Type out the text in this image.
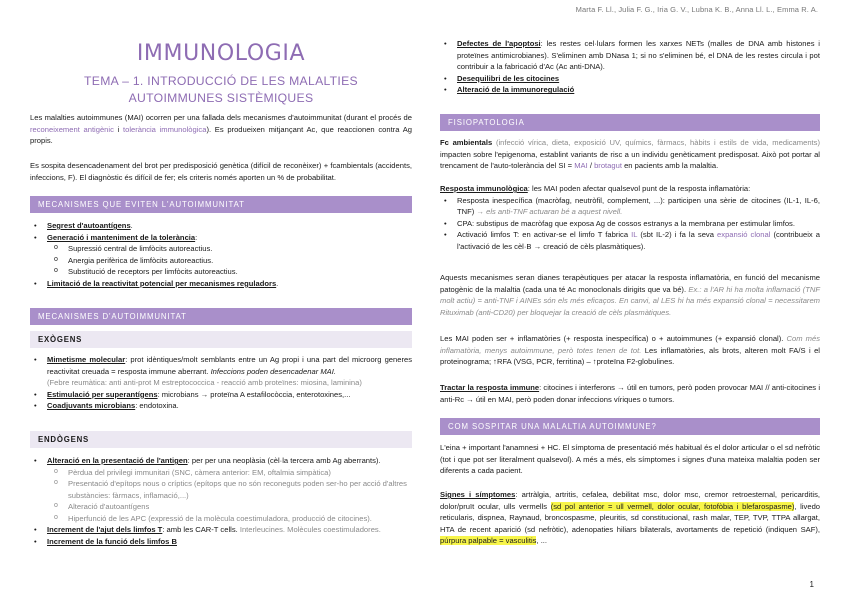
Marta F. Ll., Julia F. G., Iria G. V., Lubna K. B., Anna Ll. L., Emma R. A.
IMMUNOLOGIA
TEMA – 1. INTRODUCCIÓ DE LES MALALTIES
AUTOIMMUNES SISTÈMIQUES

Les malalties autoimmunes (MAI) ocorren per una fallada dels mecanismes d'autoimmunitat (durant el procés de reconeixement antigènic i tolerància immunològica). Es produeixen mitjançant Ac, que reaccionen contra Ag propis.

Es sospita desencadenament del brot per predisposició genètica (difícil de reconèixer) + fcambientals (accidents, infeccions, F). El diagnòstic és difícil de fer; els criteris només aporten un % de probabilitat.

MECANISMES QUE EVITEN L'AUTOIMMUNITAT
• Segrest d'autoantígens.
• Generació i manteniment de la tolerància:
o Supressió central de limfòcits autoreactius.
o Anergia perifèrica de limfòcits autoreactius.
o Substitució de receptors per limfòcits autoreactius.
• Limitació de la reactivitat potencial per mecanismes reguladors.
MECANISMES D'AUTOIMMUNITAT
EXÒGENS

• Mimetisme molecular: prot idèntiques/molt semblants entre un Ag propi i una part del microorg generes reactivitat creuada = resposta immune aberrant. Infeccions poden desencadenar MAI.

(Febre reumàtica: anti anti-prot M estreptococcica - reacció amb proteïnes: miosina, laminina)

• Estimulació per superantígens: microbians → proteïna A estafilocòccia, enterotoxines,...
• Coadjuvants microbians: endotoxina.
ENDÒGENS
• Alteració en la presentació de l'antigen: per per una neoplàsia (cèl·la tercera amb Ag aberrants).
o Pèrdua del privilegi immunitari (SNC, càmera anterior: EM, oftalmia simpàtica)
o Presentació d'epítops nous o críptics (epítops que no són reconeguts poden ser-ho per acció d'altres substàncies: fàrmacs, inflamació,...)
o Alteració d'autoantígens
o Hiperfunció de les APC (expressió de la molècula coestimuladora, producció de citocines).
• Increment de l'ajut dels limfos T: amb les CAR-T cells. Interleucines. Molècules coestimuladores.
• Increment de la funció dels limfos B

• Defectes de l'apoptosi: les restes cel·lulars formen les xarxes NETs (malles de DNA amb histones i proteïnes antimicrobianes). S'eliminen amb DNasa 1; si no s'eliminen bé, el DNA de les restes circula i pot contribuir a la fabricació d'Ac (Ac anti-DNA).

• Desequilibri de les citocines
• Alteració de la immunoregulació
FISIOPATOLOGIA

Fc ambientals (infecció vírica, dieta, exposició UV, químics, fàrmacs, hàbits i estils de vida, medicaments) impacten sobre l'epigenoma, establint variants de risc a un individu genèticament predisposat. Això pot portar al trencament de l'auto-tolerància del SI = MAI / brotagut en pacients amb la malaltia.

Resposta immunològica: les MAI poden afectar qualsevol punt de la resposta inflamatòria:

• Resposta inespecífica (macròfag, neutròfil, complement, ...): participen una sèrie de citocines (IL-1, IL-6, TNF) → els anti-TNF actuaran bé a aquest nivell.

• CPA: substipus de macròfag que exposa Ag de cossos estranys a la membrana per estimular limfos.

• Activació limfos T: en activar-se el limfo T fabrica IL (sbt IL-2) i fa la seva expansió clonal (contribueix a l'activació de les cèl·B → creació de cèls plasmàtiques).

Aquests mecanismes seran dianes terapèutiques per atacar la resposta inflamatòria, en funció del mecanisme patogènic de la malaltia (cada una té Ac monoclonals dirigits que va bé). Ex.: a l'AR hi ha molta inflamació (TNF molt actiu) = anti-TNF i AINEs són els més eficaços. En canvi, al LES hi ha més expansió clonal = necessitarem Rituximab (anti-CD20) per bloquejar la creació de cèls plasmàtiques.

Les MAI poden ser + inflamatòries (+ resposta inespecífica) o + autoimmunes (+ expansió clonal). Com més inflamatòria, menys autoimmune, però totes tenen de tot. Les inflamatòries, als brots, alteren molt FA/S i el proteinograma; ↑RFA (VSG, PCR, ferritina) – ↑proteïna F2-globulines.

Tractar la resposta immune: citocines i interferons → útil en tumors, però poden provocar MAI // anti-citocines i anti-Rc → útil en MAI, però poden donar infeccions víriques o tumors.

COM SOSPITAR UNA MALALTIA AUTOIMMUNE?

L'eina + important l'anamnesi + HC. El símptoma de presentació més habitual és el dolor articular o el sd nefròtic (tot i que pot ser literalment qualsevol). A més a més, els símptomes i signes d'una mateixa malaltia poden ser diferents a cada pacient.

Signes i símptomes: artràlgia, artritis, cefalea, debilitat msc, dolor msc, cremor retroesternal, pericarditis, dolor/pruït ocular, ulls vermells (sd pol anterior = ull vermell, dolor ocular, fotofòbia i blefarospasme), livedo reticularis, dispnea, Raynaud, broncospasme, pleuritis, sd constitucional, rash malar, TEP, TVP, TTPA allargat, HTA de recent aparició (sd nefròtic), adenopaties hiliars bilaterals, avortaments de repetició (indiquen SAF), púrpura palpable = vasculitis, ...

1
